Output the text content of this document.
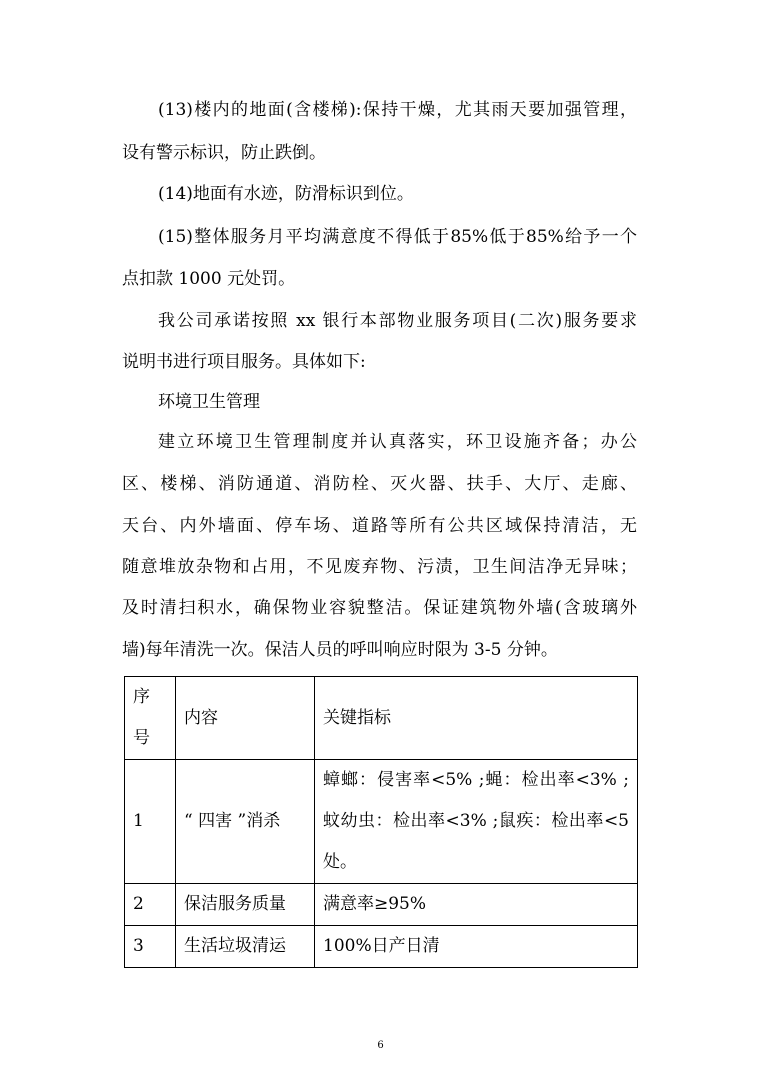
(13)楼内的地面(含楼梯):保持干燥，尤其雨天要加强管理，
设有警示标识，防止跌倒。
(14)地面有水迹，防滑标识到位。
(15)整体服务月平均满意度不得低于85%低于85%给予一个
点扣款 1000 元处罚。
我公司承诺按照 xx 银行本部物业服务项目(二次)服务要求
说明书进行项目服务。具体如下:
环境卫生管理
建立环境卫生管理制度并认真落实，环卫设施齐备；办公
区、楼梯、消防通道、消防栓、灭火器、扶手、大厅、走廊、
天台、内外墙面、停车场、道路等所有公共区域保持清洁，无
随意堆放杂物和占用，不见废弃物、污渍，卫生间洁净无异味；
及时清扫积水，确保物业容貌整洁。保证建筑物外墙(含玻璃外
墙)每年清洗一次。保洁人员的呼叫响应时限为 3-5 分钟。
序号	内容	关键指标
1	“ 四害 ”消杀	蟑螂：侵害率<5% ;蝇：检出率<3% ;蚊幼虫：检出率<3% ;鼠疾：检出率<5处。
2	保洁服务质量	满意率≥95%
3	生活垃圾清运	100%日产日清
6
